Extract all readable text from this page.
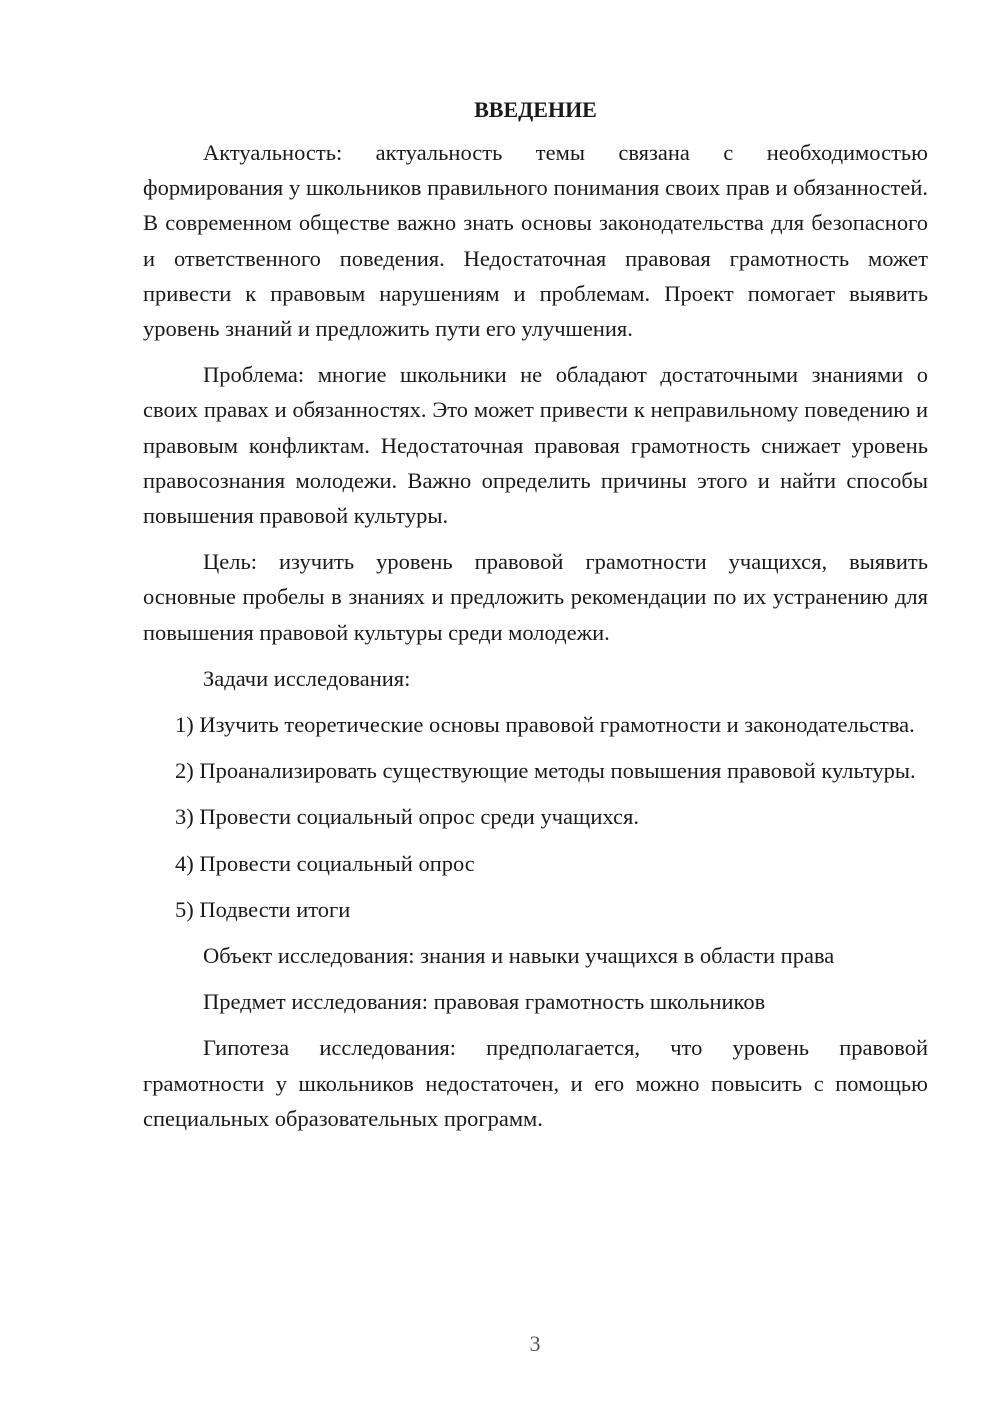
ВВЕДЕНИЕ

Актуальность: актуальность темы связана с необходимостью формирования у школьников правильного понимания своих прав и обязанностей. В современном обществе важно знать основы законодательства для безопасного и ответственного поведения. Недостаточная правовая грамотность может привести к правовым нарушениям и проблемам. Проект помогает выявить уровень знаний и предложить пути его улучшения.

Проблема: многие школьники не обладают достаточными знаниями о своих правах и обязанностях. Это может привести к неправильному поведению и правовым конфликтам. Недостаточная правовая грамотность снижает уровень правосознания молодежи. Важно определить причины этого и найти способы повышения правовой культуры.

Цель: изучить уровень правовой грамотности учащихся, выявить основные пробелы в знаниях и предложить рекомендации по их устранению для повышения правовой культуры среди молодежи.

Задачи исследования:

1) Изучить теоретические основы правовой грамотности и законодательства.

2) Проанализировать существующие методы повышения правовой культуры.

3) Провести социальный опрос среди учащихся.

4) Провести социальный опрос

5) Подвести итоги

Объект исследования: знания и навыки учащихся в области права

Предмет исследования: правовая грамотность школьников

Гипотеза исследования: предполагается, что уровень правовой грамотности у школьников недостаточен, и его можно повысить с помощью специальных образовательных программ.

3
